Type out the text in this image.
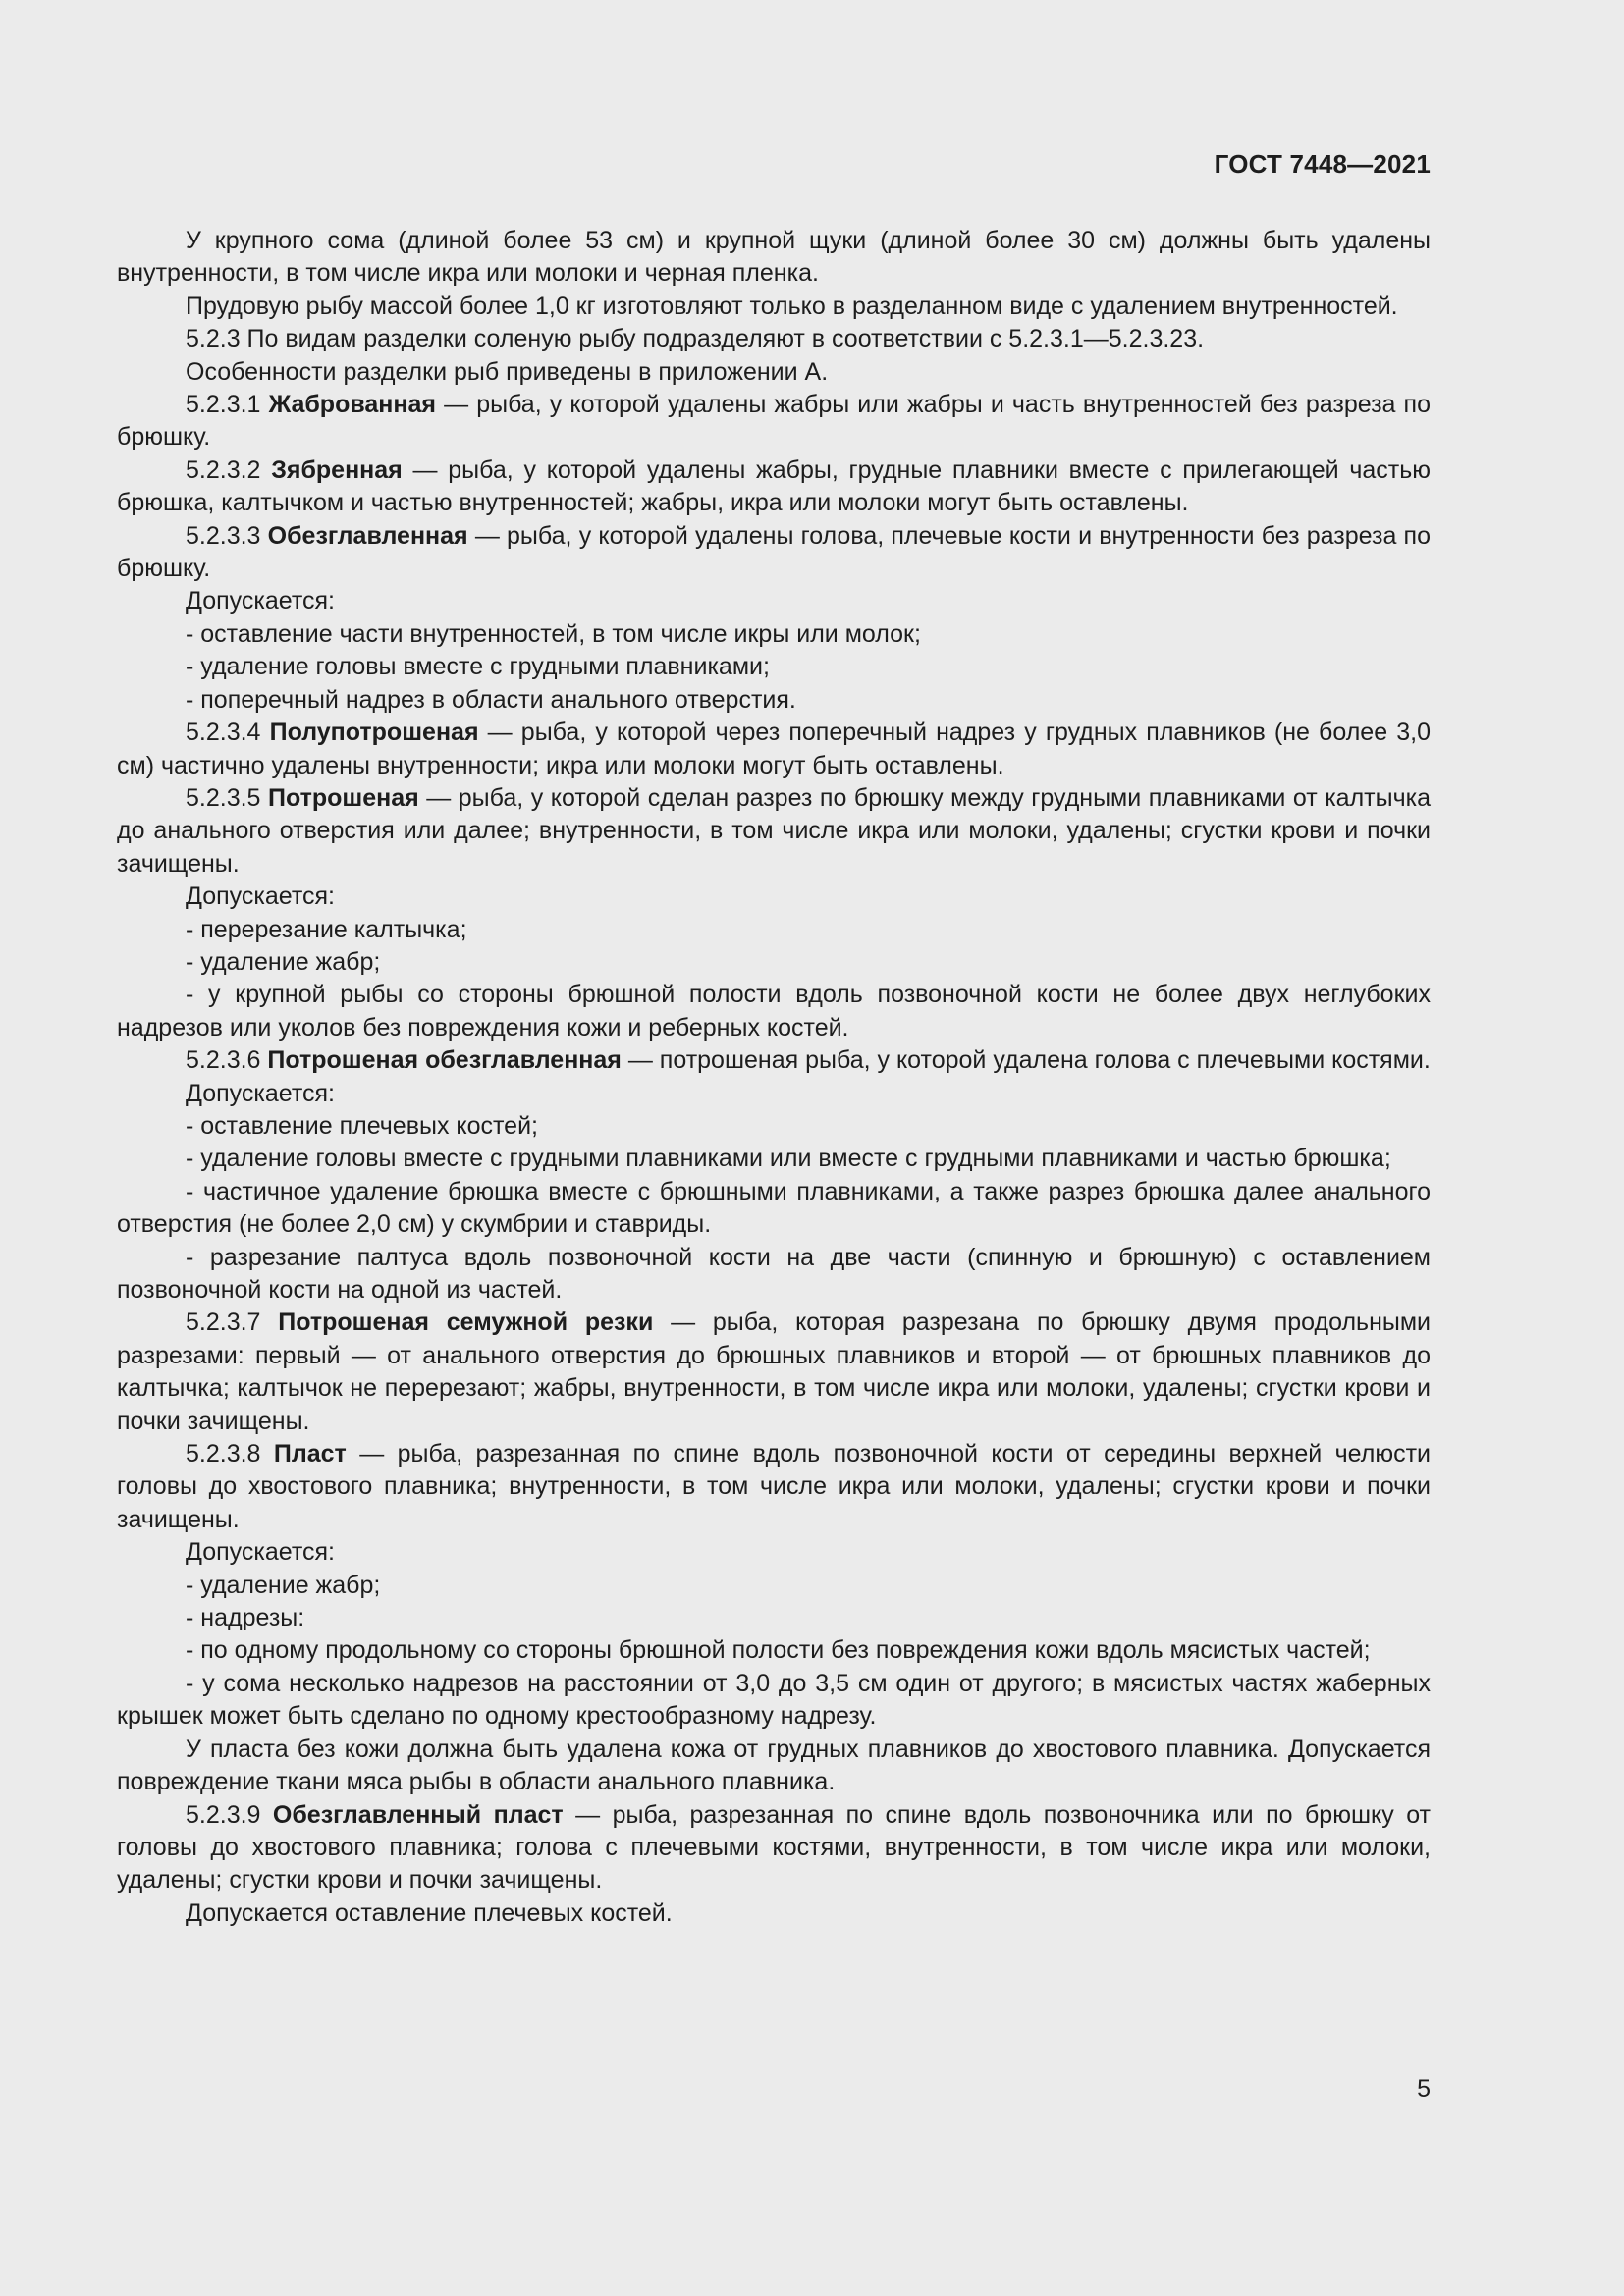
ГОСТ 7448—2021

У крупного сома (длиной более 53 см) и крупной щуки (длиной более 30 см) должны быть удалены внутренности, в том числе икра или молоки и черная пленка.

Прудовую рыбу массой более 1,0 кг изготовляют только в разделанном виде с удалением внутренностей.

5.2.3 По видам разделки соленую рыбу подразделяют в соответствии с 5.2.3.1—5.2.3.23.

Особенности разделки рыб приведены в приложении А.

5.2.3.1 Жаброванная — рыба, у которой удалены жабры или жабры и часть внутренностей без разреза по брюшку.

5.2.3.2 Зябренная — рыба, у которой удалены жабры, грудные плавники вместе с прилегающей частью брюшка, калтычком и частью внутренностей; жабры, икра или молоки могут быть оставлены.

5.2.3.3 Обезглавленная — рыба, у которой удалены голова, плечевые кости и внутренности без разреза по брюшку.

Допускается:

- оставление части внутренностей, в том числе икры или молок;

- удаление головы вместе с грудными плавниками;

- поперечный надрез в области анального отверстия.

5.2.3.4 Полупотрошеная — рыба, у которой через поперечный надрез у грудных плавников (не более 3,0 см) частично удалены внутренности; икра или молоки могут быть оставлены.

5.2.3.5 Потрошеная — рыба, у которой сделан разрез по брюшку между грудными плавниками от калтычка до анального отверстия или далее; внутренности, в том числе икра или молоки, удалены; сгустки крови и почки зачищены.

Допускается:

- перерезание калтычка;

- удаление жабр;

- у крупной рыбы со стороны брюшной полости вдоль позвоночной кости не более двух неглубоких надрезов или уколов без повреждения кожи и реберных костей.

5.2.3.6 Потрошеная обезглавленная — потрошеная рыба, у которой удалена голова с плечевыми костями.

Допускается:

- оставление плечевых костей;

- удаление головы вместе с грудными плавниками или вместе с грудными плавниками и частью брюшка;

- частичное удаление брюшка вместе с брюшными плавниками, а также разрез брюшка далее анального отверстия (не более 2,0 см) у скумбрии и ставриды.

- разрезание палтуса вдоль позвоночной кости на две части (спинную и брюшную) с оставлением позвоночной кости на одной из частей.

5.2.3.7 Потрошеная семужной резки — рыба, которая разрезана по брюшку двумя продольными разрезами: первый — от анального отверстия до брюшных плавников и второй — от брюшных плавников до калтычка; калтычок не перерезают; жабры, внутренности, в том числе икра или молоки, удалены; сгустки крови и почки зачищены.

5.2.3.8 Пласт — рыба, разрезанная по спине вдоль позвоночной кости от середины верхней челюсти головы до хвостового плавника; внутренности, в том числе икра или молоки, удалены; сгустки крови и почки зачищены.

Допускается:

- удаление жабр;

- надрезы:

- по одному продольному со стороны брюшной полости без повреждения кожи вдоль мясистых частей;

- у сома несколько надрезов на расстоянии от 3,0 до 3,5 см один от другого; в мясистых частях жаберных крышек может быть сделано по одному крестообразному надрезу.

У пласта без кожи должна быть удалена кожа от грудных плавников до хвостового плавника. Допускается повреждение ткани мяса рыбы в области анального плавника.

5.2.3.9 Обезглавленный пласт — рыба, разрезанная по спине вдоль позвоночника или по брюшку от головы до хвостового плавника; голова с плечевыми костями, внутренности, в том числе икра или молоки, удалены; сгустки крови и почки зачищены.

Допускается оставление плечевых костей.

5
